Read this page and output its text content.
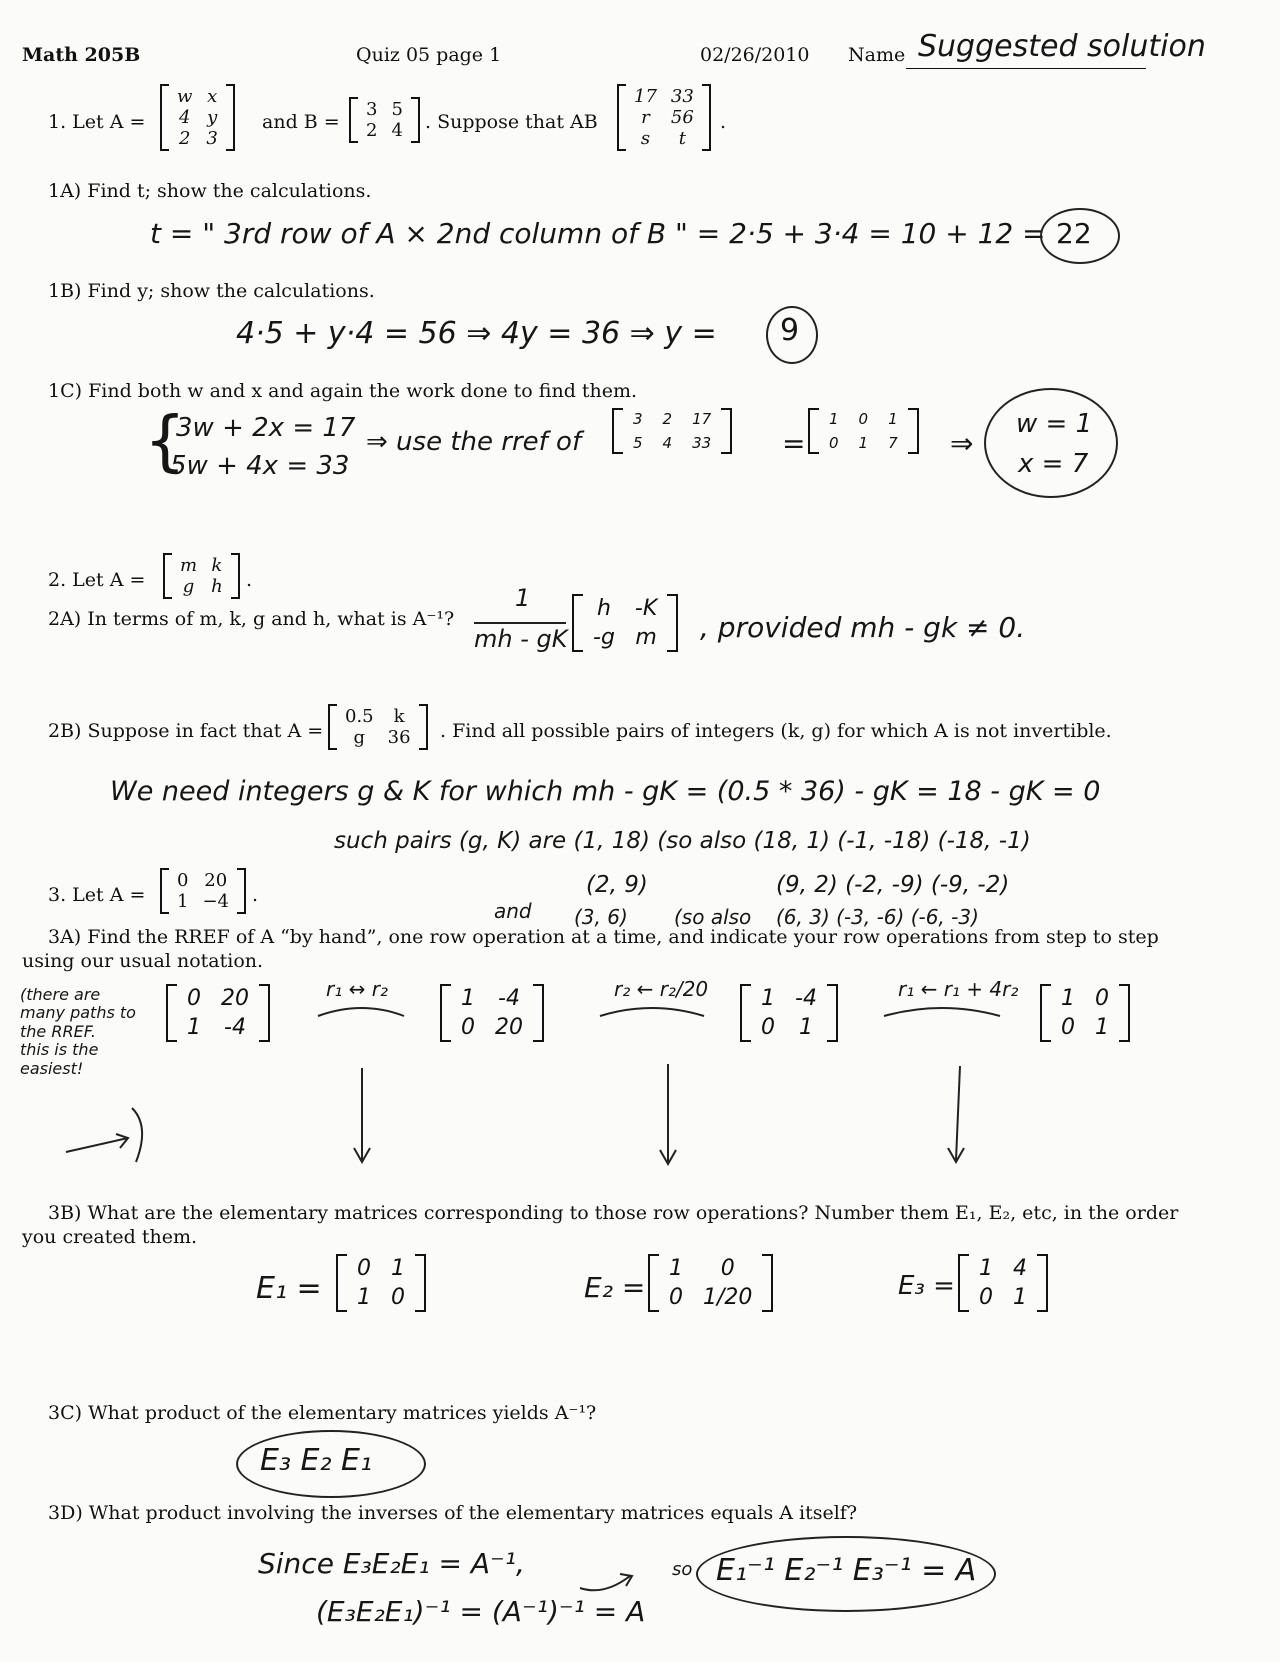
Math 205B	Quiz 05 page 1	02/26/2010 Name Suggested solution
1. Let A =
w x
4 y
2 3
and B =
3 5
2 4 . Suppose that AB
17 33
r 56
s t
.
1A) Find t; show the calculations.
t = " 3rd row of A × 2nd column of B " = 2·5 + 3·4 = 10 + 12 = 22
1B) Find y; show the calculations.
4·5 + y·4 = 56 ⇒ 4y = 36 ⇒ y = 9
1C) Find both w and x and again the work done to find them.
{
3w + 2x = 17
5w + 4x = 33
⇒ use the rref of
3 2 17
5 4 33	=
1 0 1
0 1 7 ⇒
w = 1
x = 7
2. Let A =
m k
g h .
2A) In terms of m, k, g and h, what is A⁻¹?
1
mh - gK
h -K
-g m , provided mh - gk ≠ 0.
2B) Suppose in fact that A =
0.5 k
g 36 . Find all possible pairs of integers (k, g) for which A is not invertible.
We need integers g & K for which mh - gK = (0.5 * 36) - gK = 18 - gK = 0
such pairs (g, K) are (1, 18) (so also (18, 1) (-1, -18) (-18, -1)
(2, 9)	(9, 2) (-2, -9) (-9, -2)
and (3, 6) (so also (6, 3) (-3, -6) (-6, -3)
3. Let A =
0 20
1 −4 .
3A) Find the RREF of A “by hand”, one row operation at a time, and indicate your row operations from step to step
using our usual notation.
(there are
many paths to
the RREF.
this is the
easiest!
0 20
1 -4
r₁ ↔ r₂	1 -4
0 20
r₂ ← r₂/20 1 -4
0 1
r₁ ← r₁ + 4r₂ 1 0
0 1
3B) What are the elementary matrices corresponding to those row operations? Number them E₁, E₂, etc, in the order
you created them.
E₁ =
0 1
1 0	E₂ =
1 0
0 1/20	E₃ =
1 4
0 1
3C) What product of the elementary matrices yields A⁻¹?
E₃ E₂ E₁
3D) What product involving the inverses of the elementary matrices equals A itself?
Since E₃E₂E₁ = A⁻¹,
(E₃E₂E₁)⁻¹ = (A⁻¹)⁻¹ = A
so E₁⁻¹ E₂⁻¹ E₃⁻¹ = A
